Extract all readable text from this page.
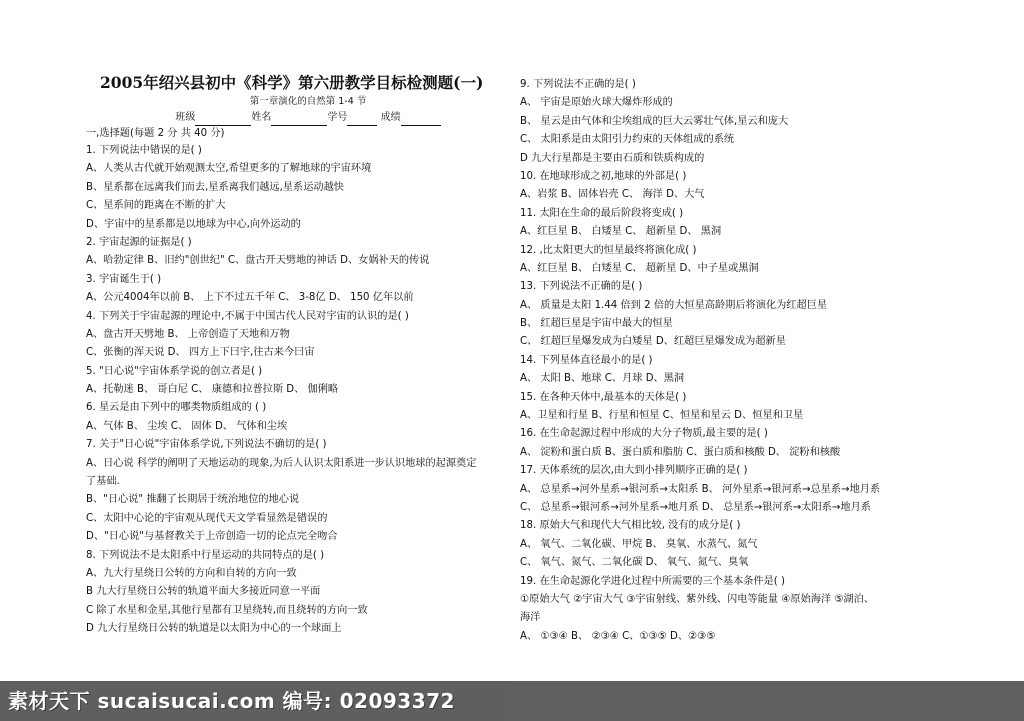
2005年绍兴县初中《科学》第六册教学目标检测题(一)
第一章演化的自然第 1-4 节
班级	姓名	学号	成绩
一,选择题(每题 2 分 共 40 分)
1. 下列说法中错误的是( )
A、人类从古代就开始观测太空,希望更多的了解地球的宇宙环境
B、星系都在远离我们而去,星系离我们越远,星系运动越快
C、星系间的距离在不断的扩大
D、宇宙中的星系都是以地球为中心,向外运动的
2. 宇宙起源的证据是( )
A、哈勃定律 B、旧约"创世纪" C、盘古开天劈地的神话 D、女娲补天的传说
3. 宇宙诞生于( )
A、公元4004年以前 B、 上下不过五千年 C、 3-8亿 D、 150 亿年以前
4. 下列关于宇宙起源的理论中,不属于中国古代人民对宇宙的认识的是( )
A、盘古开天劈地 B、 上帝创造了天地和万物
C、张衡的浑天说 D、 四方上下曰宇,往古来今曰宙
5. "日心说"宇宙体系学说的创立者是( )
A、托勒迷 B、 哥白尼 C、 康德和拉普拉斯 D、 伽俐略
6. 星云是由下列中的哪类物质组成的 ( )
A、气体 B、 尘埃 C、 固体 D、 气体和尘埃
7. 关于"日心说"宇宙体系学说,下列说法不确切的是( )
A、日心说 科学的阐明了天地运动的现象,为后人认识太阳系进一步认识地球的起源奠定
了基础.
B、"日心说" 推翻了长期居于统治地位的地心说
C、太阳中心论的宇宙观从现代天文学看显然是错误的
D、"日心说"与基督教关于上帝创造一切的论点完全吻合
8. 下列说法不是太阳系中行星运动的共同特点的是( )
A、九大行星绕日公转的方向和自转的方向一致
B 九大行星绕日公转的轨道平面大多接近同意一平面
C 除了水星和金星,其他行星都有卫星绕转,而且绕转的方向一致
D 九大行星绕日公转的轨道是以太阳为中心的一个球面上
9. 下列说法不正确的是( )
A、 宇宙是原始火球大爆炸形成的
B、 星云是由气体和尘埃组成的巨大云雾壮气体,星云和庞大
C、 太阳系是由太阳引力约束的天体组成的系统
D 九大行星都是主要由石质和铁质构成的
10. 在地球形成之初,地球的外部是( )
A、岩浆 B、固体岩壳 C、 海洋 D、大气
11. 太阳在生命的最后阶段将变成( )
A、红巨星 B、 白矮星 C、 超新星 D、 黑洞
12. ,比太阳更大的恒星最终将演化成( )
A、红巨星 B、 白矮星 C、 超新星 D、中子星或黑洞
13. 下列说法不正确的是( )
A、 质量是太阳 1.44 倍到 2 倍的大恒星高龄期后将演化为红超巨星
B、 红超巨星是宇宙中最大的恒星
C、 红超巨星爆发成为白矮星 D、红超巨星爆发成为超新星
14. 下列星体直径最小的是( )
A、 太阳 B、地球 C、月球 D、黑洞
15. 在各种天体中,最基本的天体是( )
A、卫星和行星 B、行星和恒星 C、恒星和星云 D、恒星和卫星
16. 在生命起源过程中形成的大分子物质,最主要的是( )
A、 淀粉和蛋白质 B、蛋白质和脂肪 C、蛋白质和核酸 D、 淀粉和核酸
17. 天体系统的层次,由大到小排列顺序正确的是( )
A、 总星系→河外星系→银河系→太阳系 B、 河外星系→银河系→总星系→地月系
C、 总星系→银河系→河外星系→地月系 D、 总星系→银河系→太阳系→地月系
18. 原始大气和现代大气相比较, 没有的成分是( )
A、 氧气、二氧化碳、甲烷 B、 臭氧、水蒸气、氮气
C、 氧气、氮气、二氧化碳 D、 氧气、氮气、臭氧
19. 在生命起源化学进化过程中所需要的三个基本条件是( )
①原始大气 ②宇宙大气 ③宇宙射线、紫外线、闪电等能量 ④原始海洋 ⑤湖泊、
海洋
A、 ①③④ B、 ②③④ C、①③⑤ D、②③⑤
素材天下 sucaisucai.com 编号: 02093372
